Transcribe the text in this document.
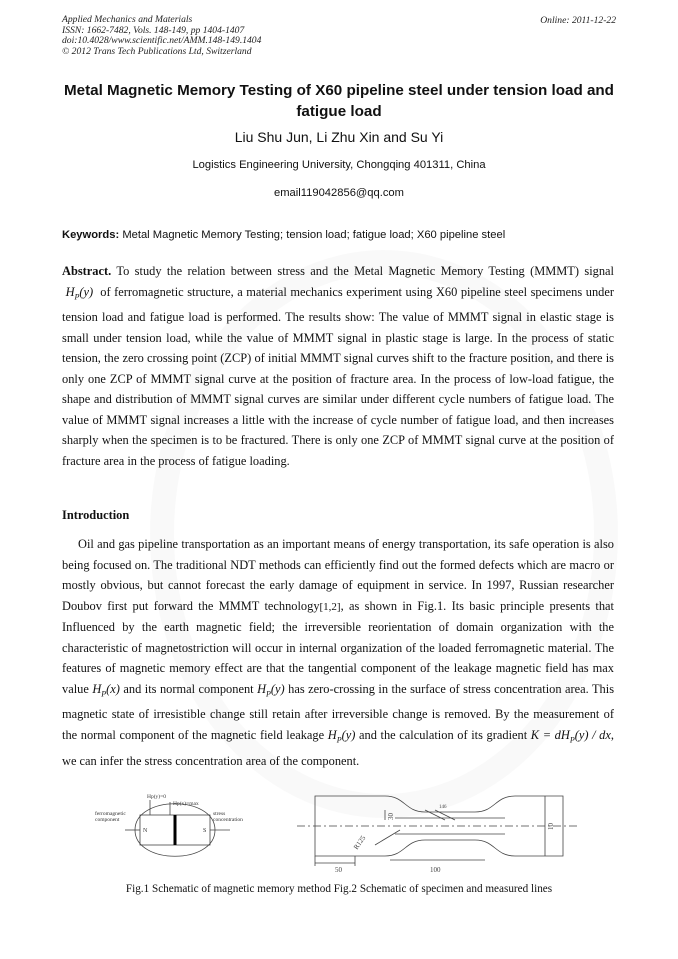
Applied Mechanics and Materials
ISSN: 1662-7482, Vols. 148-149, pp 1404-1407
doi:10.4028/www.scientific.net/AMM.148-149.1404
© 2012 Trans Tech Publications Ltd, Switzerland
Online: 2011-12-22
Metal Magnetic Memory Testing of X60 pipeline steel under tension load and fatigue load
Liu Shu Jun, Li Zhu Xin and Su Yi
Logistics Engineering University, Chongqing 401311, China
email119042856@qq.com
Keywords: Metal Magnetic Memory Testing; tension load; fatigue load; X60 pipeline steel
Abstract. To study the relation between stress and the Metal Magnetic Memory Testing (MMMT) signal  $H_P(y)$ of ferromagnetic structure, a material mechanics experiment using X60 pipeline steel specimens under tension load and fatigue load is performed. The results show: The value of MMMT signal in elastic stage is small under tension load, while the value of MMMT signal in plastic stage is large. In the process of static tension, the zero crossing point (ZCP) of initial MMMT signal curves shift to the fracture position, and there is only one ZCP of MMMT signal curve at the position of fracture area. In the process of low-load fatigue, the shape and distribution of MMMT signal curves are similar under different cycle numbers of fatigue load. The value of MMMT signal increases a little with the increase of cycle number of fatigue load, and then increases sharply when the specimen is to be fractured. There is only one ZCP of MMMT signal curve at the position of fracture area in the process of fatigue loading.
Introduction
Oil and gas pipeline transportation as an important means of energy transportation, its safe operation is also being focused on. The traditional NDT methods can efficiently find out the formed defects which are macro or mostly obvious, but cannot forecast the early damage of equipment in service. In 1997, Russian researcher Doubov first put forward the MMMT technology[1,2], as shown in Fig.1. Its basic principle presents that Influenced by the earth magnetic field; the irreversible reorientation of domain organization with the characteristic of magnetostriction will occur in internal organization of the loaded ferromagnetic material. The features of magnetic memory effect are that the tangential component of the leakage magnetic field has max value $H_P(x)$ and its normal component $H_P(y)$ has zero-crossing in the surface of stress concentration area. This magnetic state of irresistible change still retain after irreversible change is removed. By the measurement of the normal component of the magnetic field leakage $H_P(y)$ and the calculation of its gradient $K = dH_P(y)$ / dx, we can infer the stress concentration area of the component.
Hp(y)=0
Hp(x)=max
ferromagnetic
component
stress
concentration
N	S
30
146
50	100
10
R125
Fig.1 Schematic of magnetic memory method Fig.2 Schematic of specimen and measured lines
